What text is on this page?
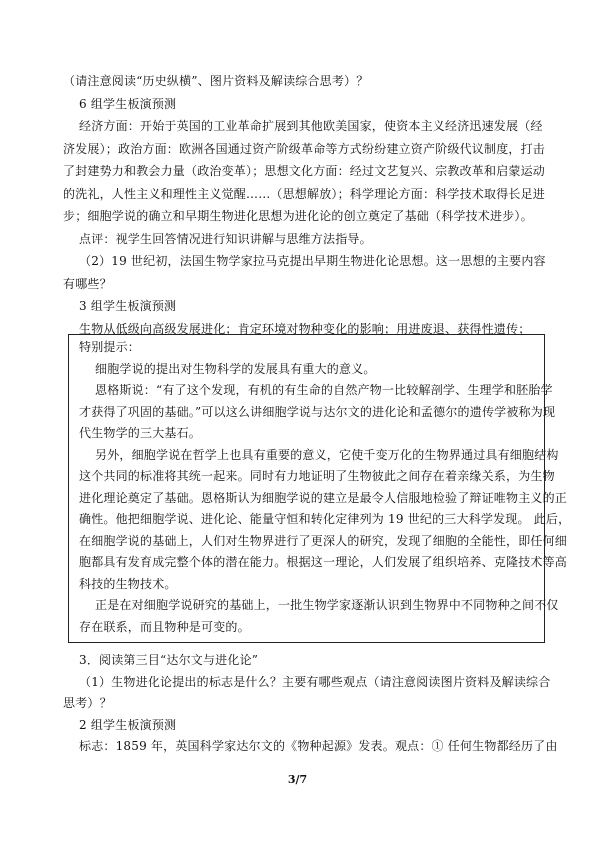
（请注意阅读“历史纵横”、图片资料及解读综合思考）？
6 组学生板演预测
经济方面：开始于英国的工业革命扩展到其他欧美国家，使资本主义经济迅速发展（经
济发展）；政治方面：欧洲各国通过资产阶级革命等方式纷纷建立资产阶级代议制度，打击
了封建势力和教会力量（政治变革）；思想文化方面：经过文艺复兴、宗教改革和启蒙运动
的洗礼，人性主义和理性主义觉醒……（思想解放）；科学理论方面：科学技术取得长足进
步；细胞学说的确立和早期生物进化思想为进化论的创立奠定了基础（科学技术进步）。
点评：视学生回答情况进行知识讲解与思维方法指导。
（2）19 世纪初，法国生物学家拉马克提出早期生物进化论思想。这一思想的主要内容
有哪些？
3 组学生板演预测
生物从低级向高级发展进化；肯定环境对物种变化的影响；用进废退、获得性遗传；
特别提示：
细胞学说的提出对生物科学的发展具有重大的意义。
恩格斯说：“有了这个发现，有机的有生命的自然产物一比较解剖学、生理学和胚胎学
才获得了巩固的基础。”可以这么讲细胞学说与达尔文的进化论和孟德尔的遗传学被称为现
代生物学的三大基石。
另外，细胞学说在哲学上也具有重要的意义，它使千变万化的生物界通过具有细胞结构
这个共同的标准将其统一起来。同时有力地证明了生物彼此之间存在着亲缘关系，为生物
进化理论奠定了基础。恩格斯认为细胞学说的建立是最令人信服地检验了辩证唯物主义的正
确性。他把细胞学说、进化论、能量守恒和转化定律列为 19 世纪的三大科学发现。 此后，
在细胞学说的基础上，人们对生物界进行了更深人的研究，发现了细胞的全能性，即任何细
胞都具有发育成完整个体的潜在能力。根据这一理论，人们发展了组织培养、克隆技术等高
科技的生物技术。
正是在对细胞学说研究的基础上，一批生物学家逐渐认识到生物界中不同物种之间不仅
存在联系，而且物种是可变的。
3．阅读第三目“达尔文与进化论”
（1）生物进化论提出的标志是什么？主要有哪些观点（请注意阅读图片资料及解读综合
思考）？
2 组学生板演预测
标志：1859 年，英国科学家达尔文的《物种起源》发表。观点：① 任何生物都经历了由
3/7
